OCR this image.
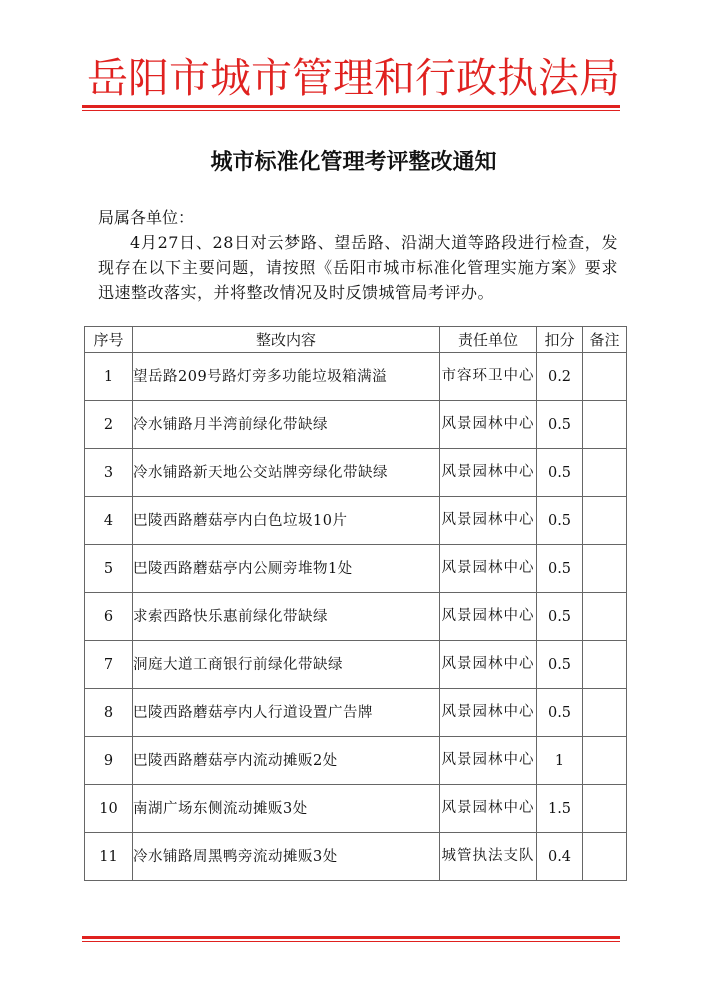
岳阳市城市管理和行政执法局
城市标准化管理考评整改通知
局属各单位：
4月27日、28日对云梦路、望岳路、沿湖大道等路段进行检查，发现存在以下主要问题，请按照《岳阳市城市标准化管理实施方案》要求迅速整改落实，并将整改情况及时反馈城管局考评办。
序号	整改内容	责任单位	扣分	备注
1	望岳路209号路灯旁多功能垃圾箱满溢	市容环卫中心	0.2	
2	冷水铺路月半湾前绿化带缺绿	风景园林中心	0.5	
3	冷水铺路新天地公交站牌旁绿化带缺绿	风景园林中心	0.5	
4	巴陵西路蘑菇亭内白色垃圾10片	风景园林中心	0.5	
5	巴陵西路蘑菇亭内公厕旁堆物1处	风景园林中心	0.5	
6	求索西路快乐惠前绿化带缺绿	风景园林中心	0.5	
7	洞庭大道工商银行前绿化带缺绿	风景园林中心	0.5	
8	巴陵西路蘑菇亭内人行道设置广告牌	风景园林中心	0.5	
9	巴陵西路蘑菇亭内流动摊贩2处	风景园林中心	1	
10	南湖广场东侧流动摊贩3处	风景园林中心	1.5	
11	冷水铺路周黑鸭旁流动摊贩3处	城管执法支队	0.4	
